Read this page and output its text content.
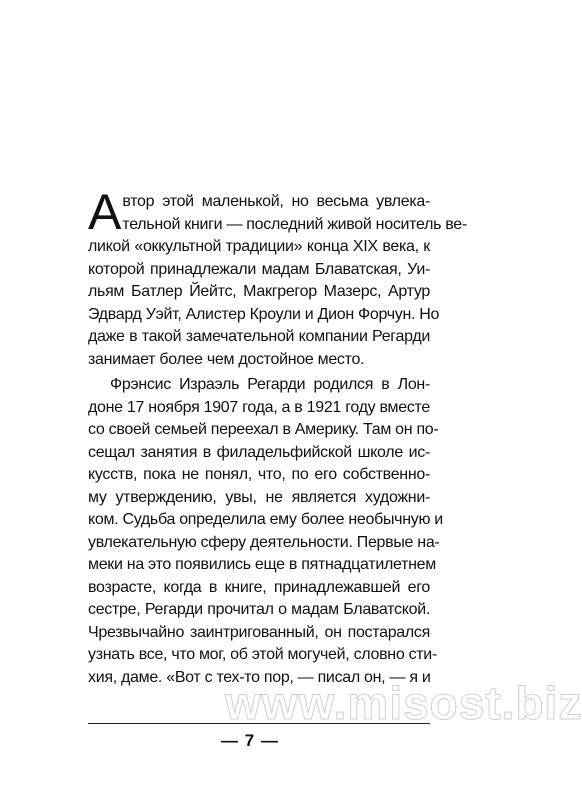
А втор этой маленькой, но весьма увлека-
тельной книги — последний живой носитель ве-
ликой «оккультной традиции» конца XIX века, к
которой принадлежали мадам Блаватская, Уи-
льям Батлер Йейтс, Макгрегор Мазерс, Артур
Эдвард Уэйт, Алистер Кроули и Дион Форчун. Но
даже в такой замечательной компании Регарди
занимает более чем достойное место.
Фрэнсис Израэль Регарди родился в Лон-
доне 17 ноября 1907 года, а в 1921 году вместе
со своей семьей переехал в Америку. Там он по-
сещал занятия в филадельфийской школе ис-
кусств, пока не понял, что, по его собственно-
му утверждению, увы, не является художни-
ком. Судьба определила ему более необычную и
увлекательную сферу деятельности. Первые на-
меки на это появились еще в пятнадцатилетнем
возрасте, когда в книге, принадлежавшей его
сестре, Регарди прочитал о мадам Блаватской.
Чрезвычайно заинтригованный, он постарался
узнать все, что мог, об этой могучей, словно сти-
хия, даме. «Вот с тех-то пор, — писал он, — я и
www.misost.biz
— 7 —
